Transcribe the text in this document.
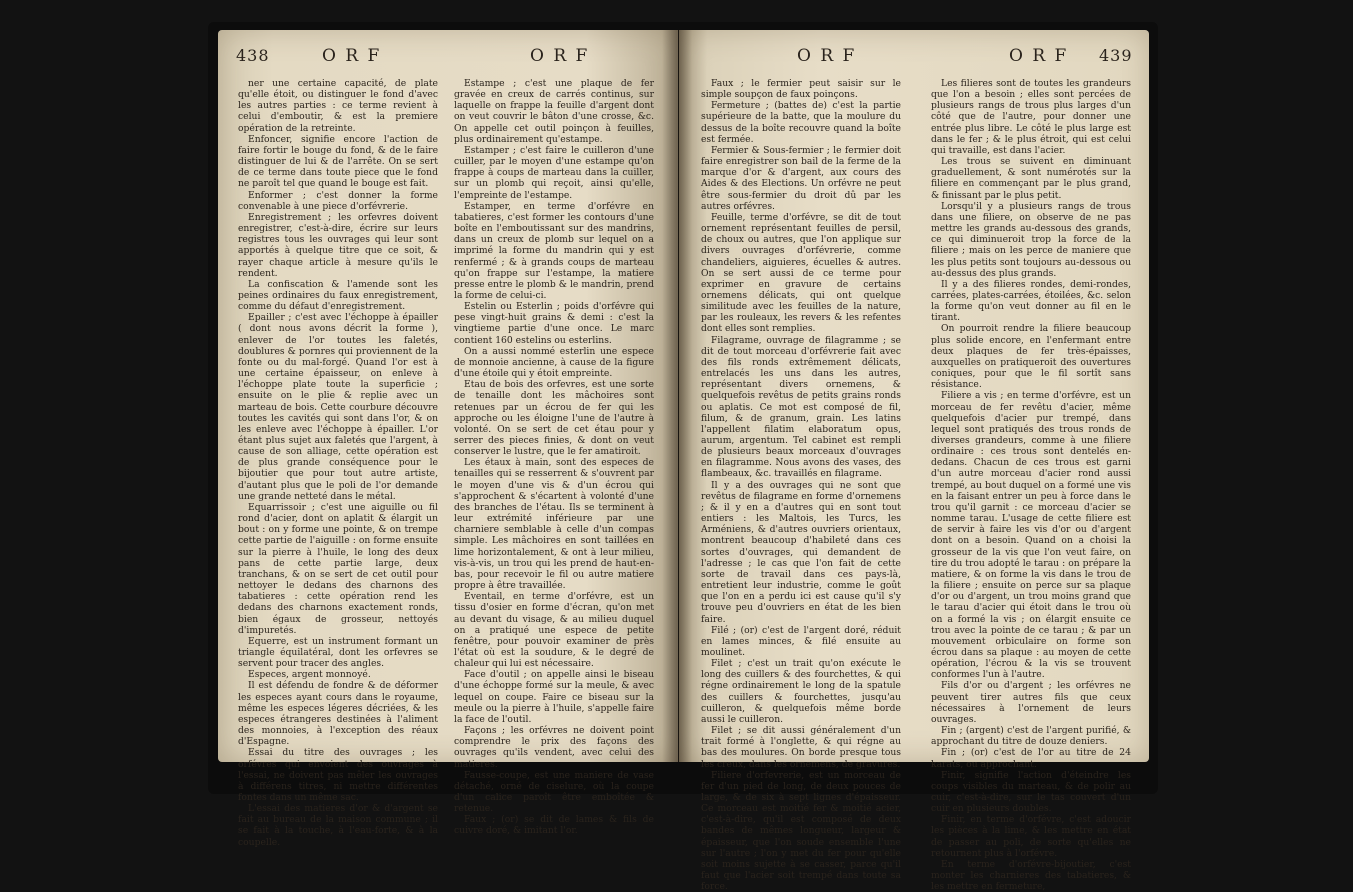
438	O R F	O R F

ner une certaine capacité, de plate qu'elle étoit, ou distinguer le fond d'avec les autres parties : ce terme revient à celui d'emboutir, & est la premiere opération de la retreinte.

Enfoncer, signifie encore l'action de faire fortir le bouge du fond, & de le faire distinguer de lui & de l'arrête. On se sert de ce terme dans toute piece que le fond ne paroît tel que quand le bouge est fait.

Enformer ; c'est donner la forme convenable à une piece d'orfévrerie.

Enregistrement ; les orfevres doivent enregistrer, c'est-à-dire, écrire sur leurs registres tous les ouvrages qui leur sont apportés à quelque titre que ce soit, & rayer chaque article à mesure qu'ils le rendent.

La confiscation & l'amende sont les peines ordinaires du faux enregistrement, comme du défaut d'enregistrement.

Epailler ; c'est avec l'échoppe à épailler ( dont nous avons décrit la forme ), enlever de l'or toutes les faletés, doublures & pornres qui proviennent de la fonte ou du mal-forgé. Quand l'or est à une certaine épaisseur, on enleve à l'échoppe plate toute la superficie ; ensuite on le plie & replie avec un marteau de bois. Cette courbure découvre toutes les cavités qui sont dans l'or, & on les enleve avec l'échoppe à épailler. L'or étant plus sujet aux faletés que l'argent, à cause de son alliage, cette opération est de plus grande conséquence pour le bijoutier que pour tout autre artiste, d'autant plus que le poli de l'or demande une grande netteté dans le métal.

Equarrissoir ; c'est une aiguille ou fil rond d'acier, dont on aplatit & élargit un bout : on y forme une pointe, & on trempe cette partie de l'aiguille : on forme ensuite sur la pierre à l'huile, le long des deux pans de cette partie large, deux tranchans, & on se sert de cet outil pour nettoyer le dedans des charnons des tabatieres : cette opération rend les dedans des charnons exactement ronds, bien égaux de grosseur, nettoyés d'impuretés.

Equerre, est un instrument formant un triangle équilatéral, dont les orfevres se servent pour tracer des angles.

Especes, argent monnoyé.

Il est défendu de fondre & de déformer les especes ayant cours dans le royaume, même les especes légeres décriées, & les especes étrangeres destinées à l'aliment des monnoies, à l'exception des réaux d'Espagne.

Essai du titre des ouvrages ; les orfévres qui envoient des ouvrages à l'essai, ne doivent pas mêler les ouvrages à différens titres, ni mettre différentes fontes dans un même sac.

L'essai des matieres d'or & d'argent se fait au bureau de la maison commune ; il se fait à la touche, à l'eau-forte, & à la coupelle.

Estampe ; c'est une plaque de fer gravée en creux de carrés continus, sur laquelle on frappe la feuille d'argent dont on veut couvrir le bâton d'une crosse, &c. On appelle cet outil poinçon à feuilles, plus ordinairement qu'estampe.

Estamper ; c'est faire le cuilleron d'une cuiller, par le moyen d'une estampe qu'on frappe à coups de marteau dans la cuiller, sur un plomb qui reçoit, ainsi qu'elle, l'empreinte de l'estampe.

Estamper, en terme d'orfévre en tabatieres, c'est former les contours d'une boîte en l'emboutissant sur des mandrins, dans un creux de plomb sur lequel on a imprimé la forme du mandrin qui y est renfermé ; & à grands coups de marteau qu'on frappe sur l'estampe, la matiere presse entre le plomb & le mandrin, prend la forme de celui-ci.

Estelin ou Esterlin ; poids d'orfévre qui pese vingt-huit grains & demi : c'est la vingtieme partie d'une once. Le marc contient 160 estelins ou esterlins.

On a aussi nommé esterlin une espece de monnoie ancienne, à cause de la figure d'une étoile qui y étoit empreinte.

Etau de bois des orfevres, est une sorte de tenaille dont les mâchoires sont retenues par un écrou de fer qui les approche ou les éloigne l'une de l'autre à volonté. On se sert de cet étau pour y serrer des pieces finies, & dont on veut conserver le lustre, que le fer amatiroit.

Les étaux à main, sont des especes de tenailles qui se resserrent & s'ouvrent par le moyen d'une vis & d'un écrou qui s'approchent & s'écartent à volonté d'une des branches de l'étau. Ils se terminent à leur extrémité inférieure par une charniere semblable à celle d'un compas simple. Les mâchoires en sont taillées en lime horizontalement, & ont à leur milieu, vis-à-vis, un trou qui les prend de haut-en-bas, pour recevoir le fil ou autre matiere propre à être travaillée.

Eventail, en terme d'orfévre, est un tissu d'osier en forme d'écran, qu'on met au devant du visage, & au milieu duquel on a pratiqué une espece de petite fenêtre, pour pouvoir examiner de près l'état où est la soudure, & le degré de chaleur qui lui est nécessaire.

Face d'outil ; on appelle ainsi le biseau d'une échoppe formé sur la meule, & avec lequel on coupe. Faire ce biseau sur la meule ou la pierre à l'huile, s'appelle faire la face de l'outil.

Façons ; les orfévres ne doivent point comprendre le prix des façons des ouvrages qu'ils vendent, avec celui des matieres.

Fausse-coupe, est une maniere de vase détaché, orné de ciselure, où la coupe d'un calice paroît être emboîtée & retenue.

Faux ; (or) se dit de lames & fils de cuivre doré, & imitant l'or.

O R F	O R F 439

Faux ; le fermier peut saisir sur le simple soupçon de faux poinçons.

Fermeture ; (battes de) c'est la partie supérieure de la batte, que la moulure du dessus de la boîte recouvre quand la boîte est fermée.

Fermier & Sous-fermier ; le fermier doit faire enregistrer son bail de la ferme de la marque d'or & d'argent, aux cours des Aides & des Elections. Un orfévre ne peut être sous-fermier du droit dû par les autres orfévres.

Feuille, terme d'orfévre, se dit de tout ornement représentant feuilles de persil, de choux ou autres, que l'on applique sur divers ouvrages d'orfévrerie, comme chandeliers, aiguieres, écuelles & autres. On se sert aussi de ce terme pour exprimer en gravure de certains ornemens délicats, qui ont quelque similitude avec les feuilles de la nature, par les rouleaux, les revers & les refentes dont elles sont remplies.

Filagrame, ouvrage de filagramme ; se dit de tout morceau d'orfévrerie fait avec des fils ronds extrêmement délicats, entrelacés les uns dans les autres, représentant divers ornemens, & quelquefois revêtus de petits grains ronds ou aplatis. Ce mot est composé de fil, filum, & de granum, grain. Les latins l'appellent filatim elaboratum opus, aurum, argentum. Tel cabinet est rempli de plusieurs beaux morceaux d'ouvrages en filagramme. Nous avons des vases, des flambeaux, &c. travaillés en filagrame.

Il y a des ouvrages qui ne sont que revêtus de filagrame en forme d'ornemens ; & il y en a d'autres qui en sont tout entiers : les Maltois, les Turcs, les Arméniens, & d'autres ouvriers orientaux, montrent beaucoup d'habileté dans ces sortes d'ouvrages, qui demandent de l'adresse ; le cas que l'on fait de cette sorte de travail dans ces pays-là, entretient leur industrie, comme le goût que l'on en a perdu ici est cause qu'il s'y trouve peu d'ouvriers en état de les bien faire.

Filé ; (or) c'est de l'argent doré, réduit en lames minces, & filé ensuite au moulinet.

Filet ; c'est un trait qu'on exécute le long des cuillers & des fourchettes, & qui régne ordinairement le long de la spatule des cuillers & fourchettes, jusqu'au cuilleron, & quelquefois même borde aussi le cuilleron.

Filet ; se dit aussi généralement d'un trait formé à l'onglette, & qui régne au bas des moulures. On borde presque tous les creux, dans les ornemens, de gravures.

Filiere d'orfevrerie, est un morceau de fer d'un pied de long, de deux pouces de large, & de six à sept lignes d'épaisseur. Ce morceau est moitié fer & moitié acier, c'est-à-dire, qu'il est composé de deux bandes de mêmes longueur, largeur & épaisseur, que l'on soude ensemble l'une sur l'autre ; l'on y met du fer pour qu'elle soit moins sujette à se casser, parce qu'il faut que l'acier soit trempé dans toute sa force.

Les filieres sont de toutes les grandeurs que l'on a besoin ; elles sont percées de plusieurs rangs de trous plus larges d'un côté que de l'autre, pour donner une entrée plus libre. Le côté le plus large est dans le fer ; & le plus étroit, qui est celui qui travaille, est dans l'acier.

Les trous se suivent en diminuant graduellement, & sont numérotés sur la filiere en commençant par le plus grand, & finissant par le plus petit.

Lorsqu'il y a plusieurs rangs de trous dans une filiere, on observe de ne pas mettre les grands au-dessous des grands, ce qui diminueroit trop la force de la filiere ; mais on les perce de maniere que les plus petits sont toujours au-dessous ou au-dessus des plus grands.

Il y a des filieres rondes, demi-rondes, carrées, plates-carrées, étoilées, &c. selon la forme qu'on veut donner au fil en le tirant.

On pourroit rendre la filiere beaucoup plus solide encore, en l'enfermant entre deux plaques de fer très-épaisses, auxquelles on pratiqueroit des ouvertures coniques, pour que le fil sortît sans résistance.

Filiere a vis ; en terme d'orfévre, est un morceau de fer revêtu d'acier, même quelquefois d'acier pur trempé, dans lequel sont pratiqués des trous ronds de diverses grandeurs, comme à une filiere ordinaire : ces trous sont dentelés en-dedans. Chacun de ces trous est garni d'un autre morceau d'acier rond aussi trempé, au bout duquel on a formé une vis en la faisant entrer un peu à force dans le trou qu'il garnit : ce morceau d'acier se nomme tarau. L'usage de cette filiere est de servir à faire les vis d'or ou d'argent dont on a besoin. Quand on a choisi la grosseur de la vis que l'on veut faire, on tire du trou adopté le tarau : on prépare la matiere, & on forme la vis dans le trou de la filiere ; ensuite on perce sur sa plaque d'or ou d'argent, un trou moins grand que le tarau d'acier qui étoit dans le trou où on a formé la vis ; on élargit ensuite ce trou avec la pointe de ce tarau ; & par un mouvement orbiculaire on forme son écrou dans sa plaque : au moyen de cette opération, l'écrou & la vis se trouvent conformes l'un à l'autre.

Fils d'or ou d'argent ; les orfévres ne peuvent tirer autres fils que ceux nécessaires à l'ornement de leurs ouvrages.

Fin ; (argent) c'est de l'argent purifié, & approchant du titre de douze deniers.

Fin ; (or) c'est de l'or au titre de 24 karats, ou approchant.

Finir, signifie l'action d'éteindre les coups visibles du marteau, & de polir au cuir, c'est-à-dire, sur le tas couvert d'un cuir en plusieurs doubles.

Finir, en terme d'orfévre, c'est adoucir les pièces à la lime, & les mettre en état de passer au poli, de sorte qu'elles ne retournent plus à l'orfévre.

En terme d'orfévre-bijoutier, c'est monter les charnieres des tabatieres, & les mettre en fermeture,
